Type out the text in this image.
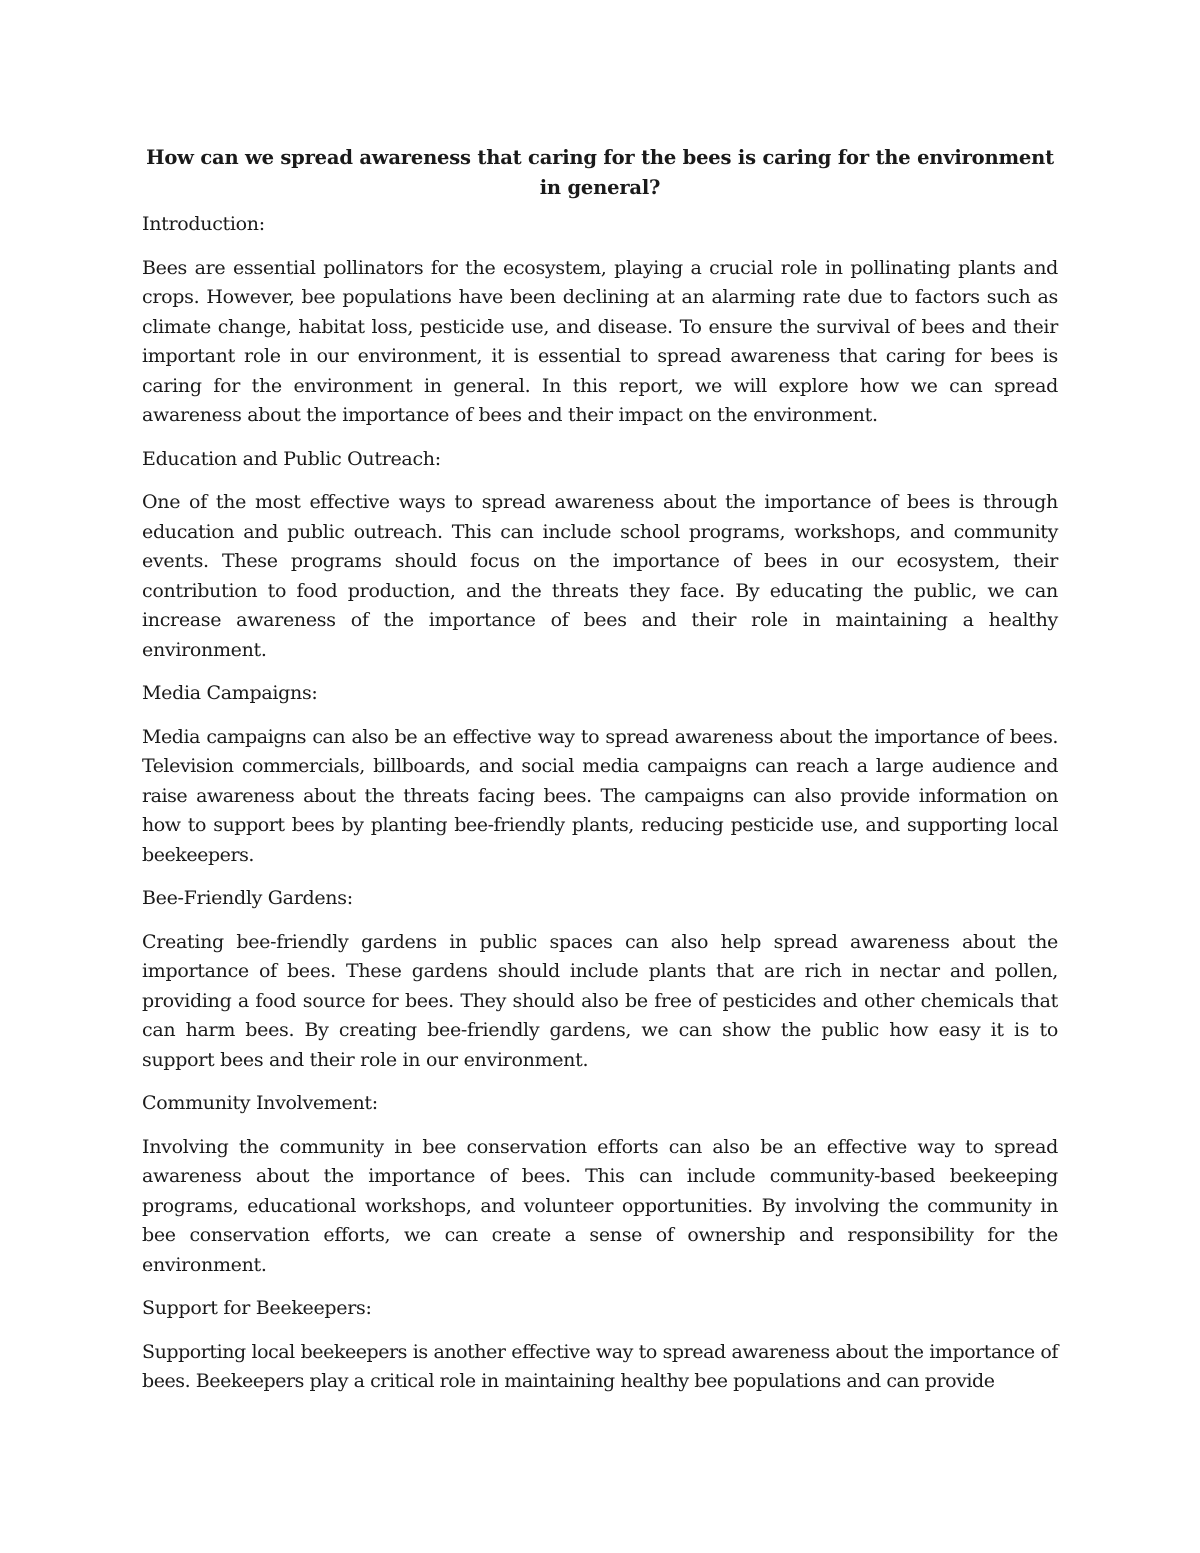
How can we spread awareness that caring for the bees is caring for the environment in general?

Introduction:

Bees are essential pollinators for the ecosystem, playing a crucial role in pollinating plants and crops. However, bee populations have been declining at an alarming rate due to factors such as climate change, habitat loss, pesticide use, and disease. To ensure the survival of bees and their important role in our environment, it is essential to spread awareness that caring for bees is caring for the environment in general. In this report, we will explore how we can spread awareness about the importance of bees and their impact on the environment.

Education and Public Outreach:

One of the most effective ways to spread awareness about the importance of bees is through education and public outreach. This can include school programs, workshops, and community events. These programs should focus on the importance of bees in our ecosystem, their contribution to food production, and the threats they face. By educating the public, we can increase awareness of the importance of bees and their role in maintaining a healthy environment.

Media Campaigns:

Media campaigns can also be an effective way to spread awareness about the importance of bees. Television commercials, billboards, and social media campaigns can reach a large audience and raise awareness about the threats facing bees. The campaigns can also provide information on how to support bees by planting bee-friendly plants, reducing pesticide use, and supporting local beekeepers.

Bee-Friendly Gardens:

Creating bee-friendly gardens in public spaces can also help spread awareness about the importance of bees. These gardens should include plants that are rich in nectar and pollen, providing a food source for bees. They should also be free of pesticides and other chemicals that can harm bees. By creating bee-friendly gardens, we can show the public how easy it is to support bees and their role in our environment.

Community Involvement:

Involving the community in bee conservation efforts can also be an effective way to spread awareness about the importance of bees. This can include community-based beekeeping programs, educational workshops, and volunteer opportunities. By involving the community in bee conservation efforts, we can create a sense of ownership and responsibility for the environment.

Support for Beekeepers:

Supporting local beekeepers is another effective way to spread awareness about the importance of bees. Beekeepers play a critical role in maintaining healthy bee populations and can provide
